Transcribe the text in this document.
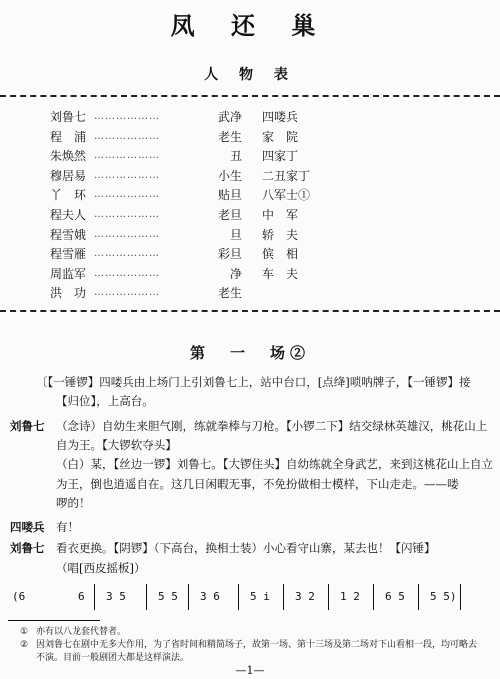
凤 还 巢
人 物 表
刘鲁七 ………………	武净 四喽兵
程　浦 ………………	老生 家　院
朱焕然 ………………	丑 四家丁
穆居易 ………………	小生 二丑家丁
丫　环 ………………	贴旦 八军士①
程夫人 ………………	老旦 中　军
程雪娥 ………………	旦 轿　夫
程雪雁 ………………	彩旦 傧　相
周监军 ………………	净 车　夫
洪　功 ………………	老生
第　一　场②
〔【一锤锣】四喽兵由上场门上引刘鲁七上，站中台口，[点绛]唢呐牌子，【一锤锣】接
【归位】，上高台。
刘鲁七 （念诗）自幼生来胆气刚，练就拳棒与刀枪。【小锣二下】结交绿林英雄汉，桃花山上
自为王。【大锣软夺头】
（白）某，【丝边一锣】刘鲁七。【大锣住头】自幼练就全身武艺，来到这桃花山上自立
为王，倒也逍遥自在。这几日闲暇无事，不免扮做相士模样，下山走走。——喽
啰的！
四喽兵 有！
刘鲁七 看衣更换。【阴锣】（下高台，换相士装）小心看守山寨，某去也！【闪锤】
（唱[西皮摇板]）
(6	6 3 5	5 5 3 6	5 i 3 2 1 2 6 5 5 5)
① 亦有以八龙套代替者。
② 因刘鲁七在剧中无多大作用，为了省时间和精简场子，故第一场、第十三场及第二场对下山看相一段，均可略去
不演。目前一般剧团大都是这样演法。
—1—
